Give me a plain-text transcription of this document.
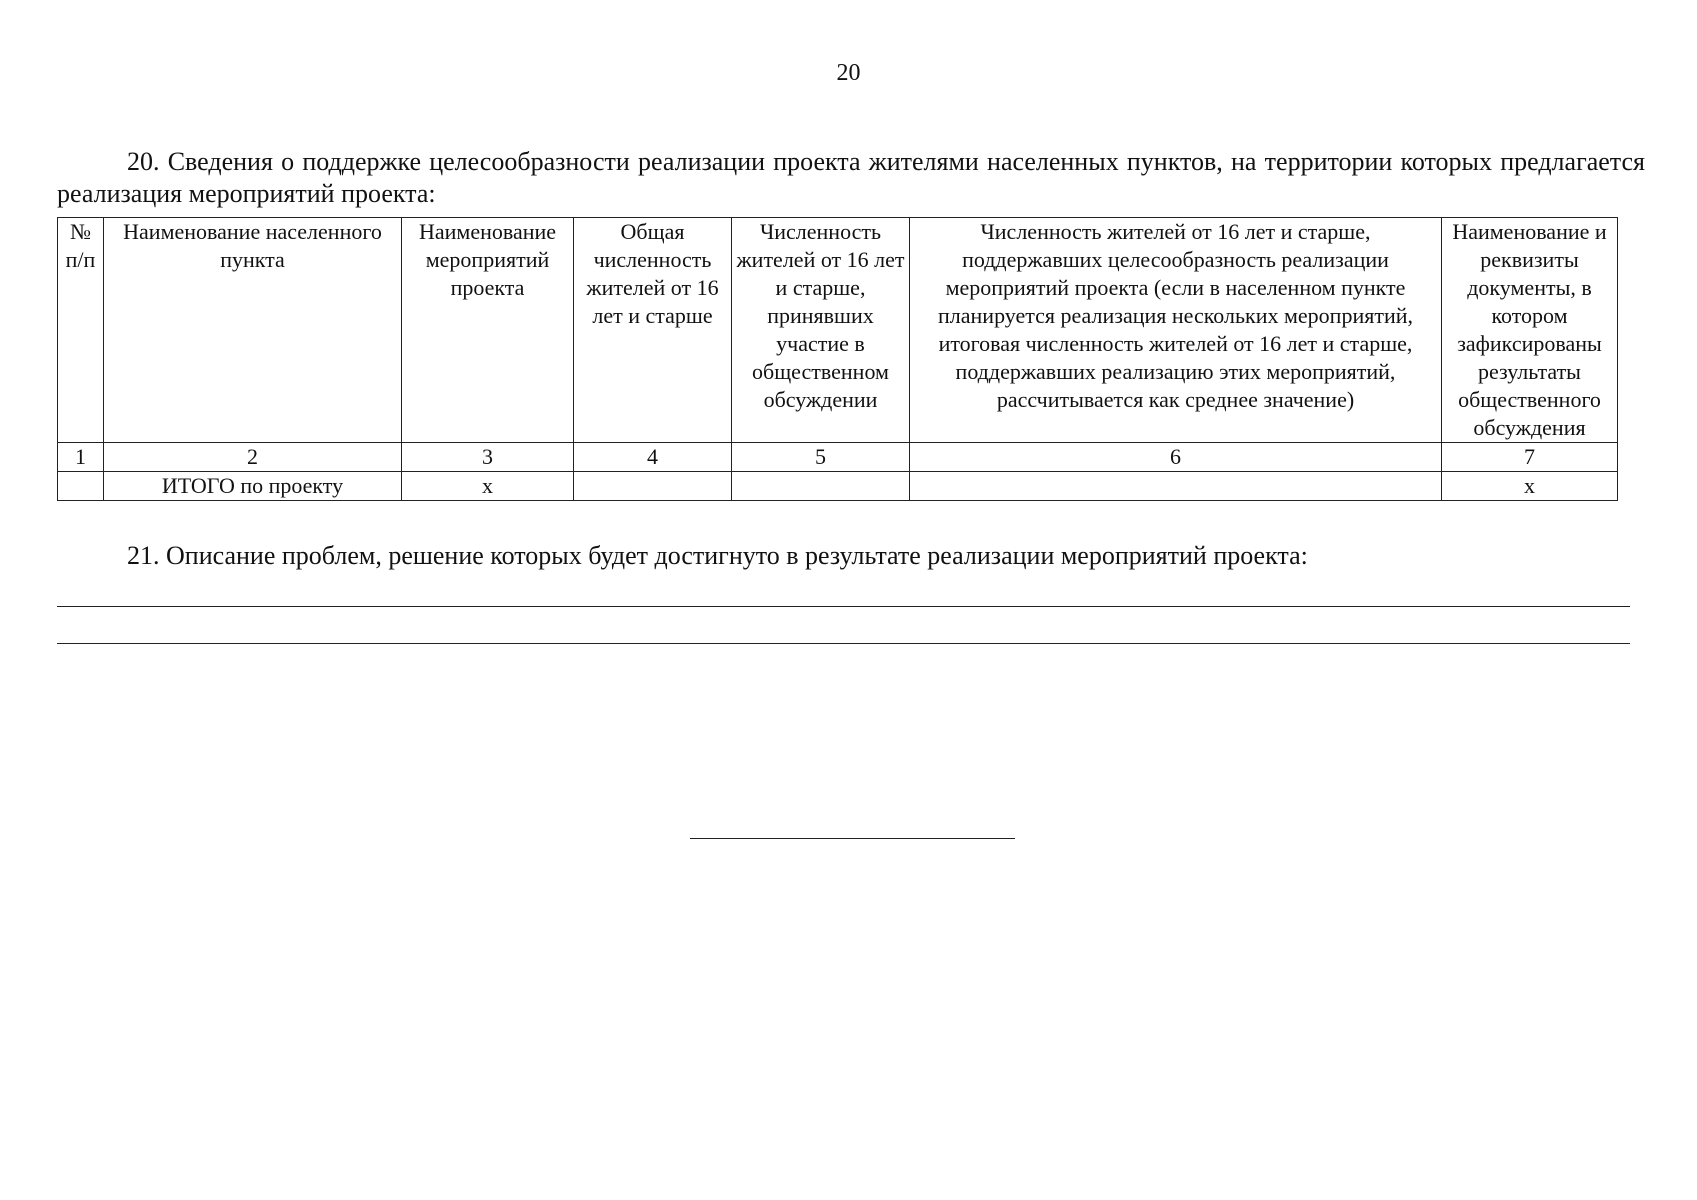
20
20. Сведения о поддержке целесообразности реализации проекта жителями населенных пунктов, на территории которых предлагается реализация мероприятий проекта:
№ п/п	Наименование населенного пункта	Наименование мероприятий проекта	Общая численность жителей от 16 лет и старше	Численность жителей от 16 лет и старше, принявших участие в общественном обсуждении	Численность жителей от 16 лет и старше, поддержавших целесообразность реализации мероприятий проекта (если в населенном пункте планируется реализация нескольких мероприятий, итоговая численность жителей от 16 лет и старше, поддержавших реализацию этих мероприятий, рассчитывается как среднее значение)	Наименование и реквизиты документы, в котором зафиксированы результаты общественного обсуждения
1	2	3	4	5	6	7
	ИТОГО по проекту	х				х
21. Описание проблем, решение которых будет достигнуто в результате реализации мероприятий проекта:
